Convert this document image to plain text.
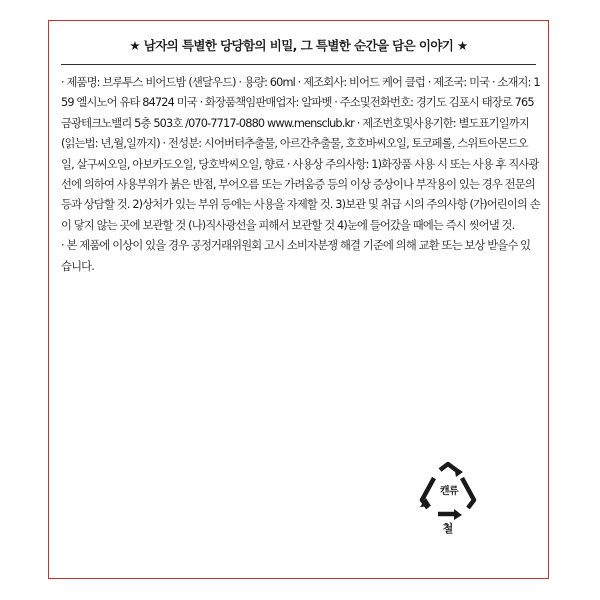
★ 남자의 특별한 당당함의 비밀, 그 특별한 순간을 담은 이야기 ★

· 제품명: 브루투스 비어드밤 (샌달우드) · 용량: 60ml · 제조회사: 비어드 케어 클럽 · 제조국: 미국 · 소재지: 159 엘시노어 유타 84724 미국 · 화장품책임판매업자: 알파벳 · 주소및전화번호: 경기도 김포시 태장로 765 금광테크노밸리 5층 503호 /070-7717-0880 www.mensclub.kr · 제조번호및사용기한: 별도표기일까지(읽는법: 년,월,일까지) · 전성분: 시어버터추출물, 아르간추출물, 호호바씨오일, 토코페롤, 스위트아몬드오일, 살구씨오일, 아보카도오일, 당호박씨오일, 향료 · 사용상 주의사항: 1)화장품 사용 시 또는 사용 후 직사광선에 의하여 사용부위가 붉은 반점, 부어오름 또는 가려움증 등의 이상 증상이나 부작용이 있는 경우 전문의 등과 상담할 것. 2)상처가 있는 부위 등에는 사용을 자제할 것. 3)보관 및 취급 시의 주의사항 (가)어린이의 손이 닿지 않는 곳에 보관할 것 (나)직사광선을 피해서 보관할 것 4)눈에 들어갔을 때에는 즉시 씻어낼 것.

· 본 제품에 이상이 있을 경우 공정거래위원회 고시 소비자분쟁 해결 기준에 의해 교환 또는 보상 받을수 있습니다.

캔류
철
